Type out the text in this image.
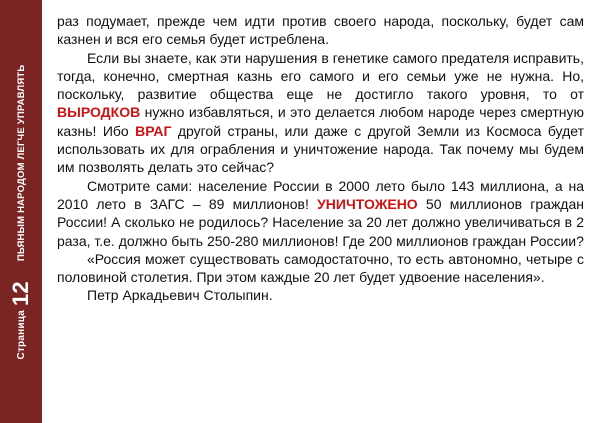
Страница
12
ПЬЯНЫМ НАРОДОМ ЛЕГЧЕ УПРАВЛЯТЬ

раз подумает, прежде чем идти против своего народа, поскольку, будет сам казнен и вся его семья будет истреблена.

Если вы знаете, как эти нарушения в генетике самого предателя исправить, тогда, конечно, смертная казнь его самого и его семьи уже не нужна. Но, поскольку, развитие общества еще не достигло такого уровня, то от ВЫРОДКОВ нужно избавляться, и это делается любом народе через смертную казнь! Ибо ВРАГ другой страны, или даже с другой Земли из Космоса будет использовать их для ограбления и уничтожение народа. Так почему мы будем им позволять делать это сейчас?

Смотрите сами: население России в 2000 лето было 143 миллиона, а на 2010 лето в ЗАГС – 89 миллионов! УНИЧТОЖЕНО 50 миллионов граждан России! А сколько не родилось? Население за 20 лет должно увеличиваться в 2 раза, т.е. должно быть 250-280 миллионов! Где 200 миллионов граждан России?

«Россия может существовать самодостаточно, то есть автономно, четыре с половиной столетия. При этом каждые 20 лет будет удвоение населения».

Петр Аркадьевич Столыпин.
